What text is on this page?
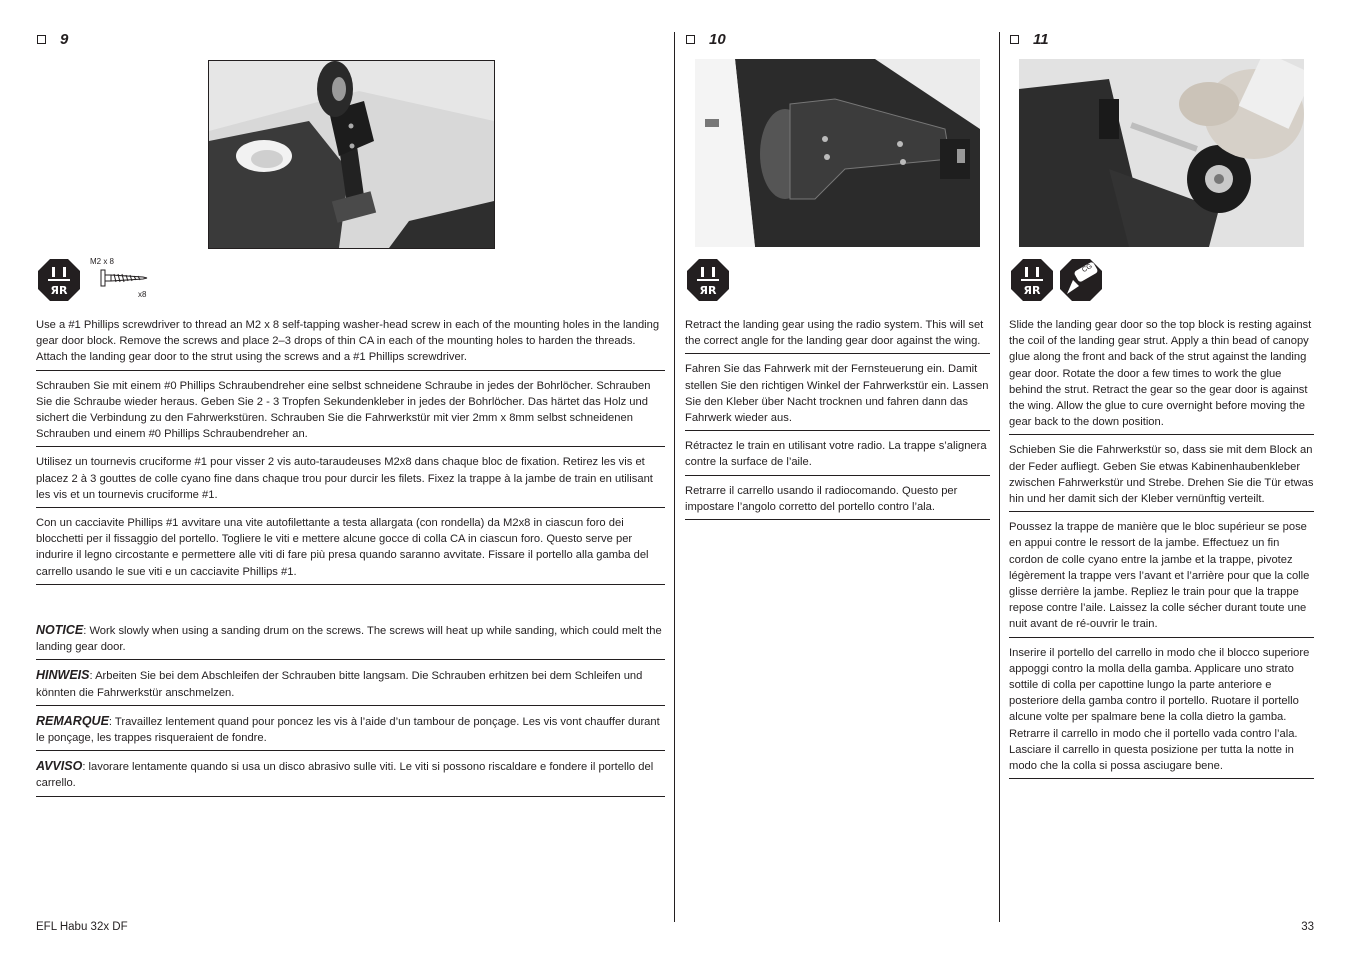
9	10	11
ЯR
M2 x 8
x8	ЯR	ЯR
CG
Use a #1 Phillips screwdriver to thread an M2 x 8 self-tapping washer-head screw in each of the mounting holes in the landing gear door block. Remove the screws and place 2–3 drops of thin CA in each of the mounting holes to harden the threads. Attach the landing gear door to the strut using the screws and a #1 Phillips screwdriver.
Schrauben Sie mit einem #0 Phillips Schraubendreher eine selbst schneidene Schraube in jedes der Bohrlöcher. Schrauben Sie die Schraube wieder heraus. Geben Sie 2 - 3 Tropfen Sekundenkleber in jedes der Bohrlöcher. Das härtet das Holz und sichert die Verbindung zu den Fahrwerkstüren. Schrauben Sie die Fahrwerkstür mit vier 2mm x 8mm selbst schneidenen Schrauben und einem #0 Phillips Schraubendreher an.
Utilisez un tournevis cruciforme #1 pour visser 2 vis auto-taraudeuses M2x8 dans chaque bloc de fixation. Retirez les vis et placez 2 à 3 gouttes de colle cyano fine dans chaque trou pour durcir les filets. Fixez la trappe à la jambe de train en utilisant les vis et un tournevis cruciforme #1.
Con un cacciavite Phillips #1 avvitare una vite autofilettante a testa allargata (con rondella) da M2x8 in ciascun foro dei blocchetti per il fissaggio del portello. Togliere le viti e mettere alcune gocce di colla CA in ciascun foro. Questo serve per indurire il legno circostante e permettere alle viti di fare più presa quando saranno avvitate. Fissare il portello alla gamba del carrello usando le sue viti e un cacciavite Phillips #1.
NOTICE: Work slowly when using a sanding drum on the screws. The screws will heat up while sanding, which could melt the landing gear door.
HINWEIS: Arbeiten Sie bei dem Abschleifen der Schrauben bitte langsam. Die Schrauben erhitzen bei dem Schleifen und könnten die Fahrwerkstür anschmelzen.
REMARQUE: Travaillez lentement quand pour poncez les vis à l’aide d’un tambour de ponçage. Les vis vont chauffer durant le ponçage, les trappes risqueraient de fondre.
AVVISO: lavorare lentamente quando si usa un disco abrasivo sulle viti. Le viti si possono riscaldare e fondere il portello del carrello.
Retract the landing gear using the radio system. This will set the correct angle for the landing gear door against the wing.
Fahren Sie das Fahrwerk mit der Fernsteuerung ein. Damit stellen Sie den richtigen Winkel der Fahrwerkstür ein. Lassen Sie den Kleber über Nacht trocknen und fahren dann das Fahrwerk wieder aus.
Rétractez le train en utilisant votre radio. La trappe s’alignera contre la surface de l’aile.
Retrarre il carrello usando il radiocomando. Questo per impostare l’angolo corretto del portello contro l’ala.
Slide the landing gear door so the top block is resting against the coil of the landing gear strut. Apply a thin bead of canopy glue along the front and back of the strut against the landing gear door. Rotate the door a few times to work the glue behind the strut. Retract the gear so the gear door is against the wing. Allow the glue to cure overnight before moving the gear back to the down position.
Schieben Sie die Fahrwerkstür so, dass sie mit dem Block an der Feder aufliegt. Geben Sie etwas Kabinenhaubenkleber zwischen Fahrwerkstür und Strebe. Drehen Sie die Tür etwas hin und her damit sich der Kleber vernünftig verteilt.
Poussez la trappe de manière que le bloc supérieur se pose en appui contre le ressort de la jambe. Effectuez un fin cordon de colle cyano entre la jambe et la trappe, pivotez légèrement la trappe vers l’avant et l’arrière pour que la colle glisse derrière la jambe. Repliez le train pour que la trappe repose contre l’aile. Laissez la colle sécher durant toute une nuit avant de ré-ouvrir le train.
Inserire il portello del carrello in modo che il blocco superiore appoggi contro la molla della gamba. Applicare uno strato sottile di colla per capottine lungo la parte anteriore e posteriore della gamba contro il portello. Ruotare il portello alcune volte per spalmare bene la colla dietro la gamba. Retrarre il carrello in modo che il portello vada contro l’ala. Lasciare il carrello in questa posizione per tutta la notte in modo che la colla si possa asciugare bene.
EFL Habu 32x DF	33
